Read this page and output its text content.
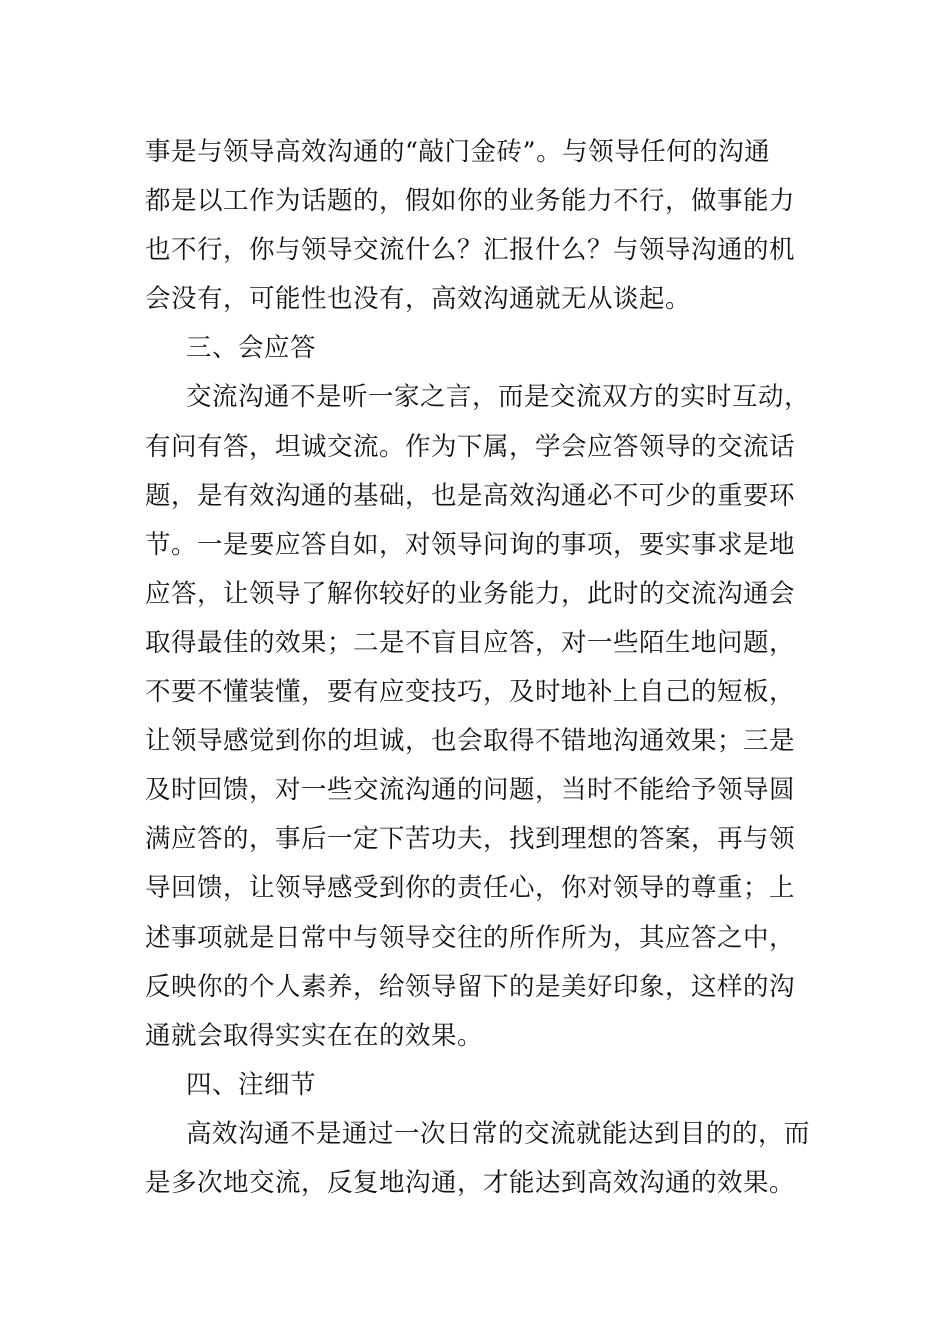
事是与领导高效沟通的“敲门金砖”。与领导任何的沟通
都是以工作为话题的，假如你的业务能力不行，做事能力
也不行，你与领导交流什么？汇报什么？与领导沟通的机
会没有，可能性也没有，高效沟通就无从谈起。
三、会应答
交流沟通不是听一家之言，而是交流双方的实时互动，
有问有答，坦诚交流。作为下属，学会应答领导的交流话
题，是有效沟通的基础，也是高效沟通必不可少的重要环
节。一是要应答自如，对领导问询的事项，要实事求是地
应答，让领导了解你较好的业务能力，此时的交流沟通会
取得最佳的效果；二是不盲目应答，对一些陌生地问题，
不要不懂装懂，要有应变技巧，及时地补上自己的短板，
让领导感觉到你的坦诚，也会取得不错地沟通效果；三是
及时回馈，对一些交流沟通的问题，当时不能给予领导圆
满应答的，事后一定下苦功夫，找到理想的答案，再与领
导回馈，让领导感受到你的责任心，你对领导的尊重；上
述事项就是日常中与领导交往的所作所为，其应答之中，
反映你的个人素养，给领导留下的是美好印象，这样的沟
通就会取得实实在在的效果。
四、注细节
高效沟通不是通过一次日常的交流就能达到目的的，而
是多次地交流，反复地沟通，才能达到高效沟通的效果。
